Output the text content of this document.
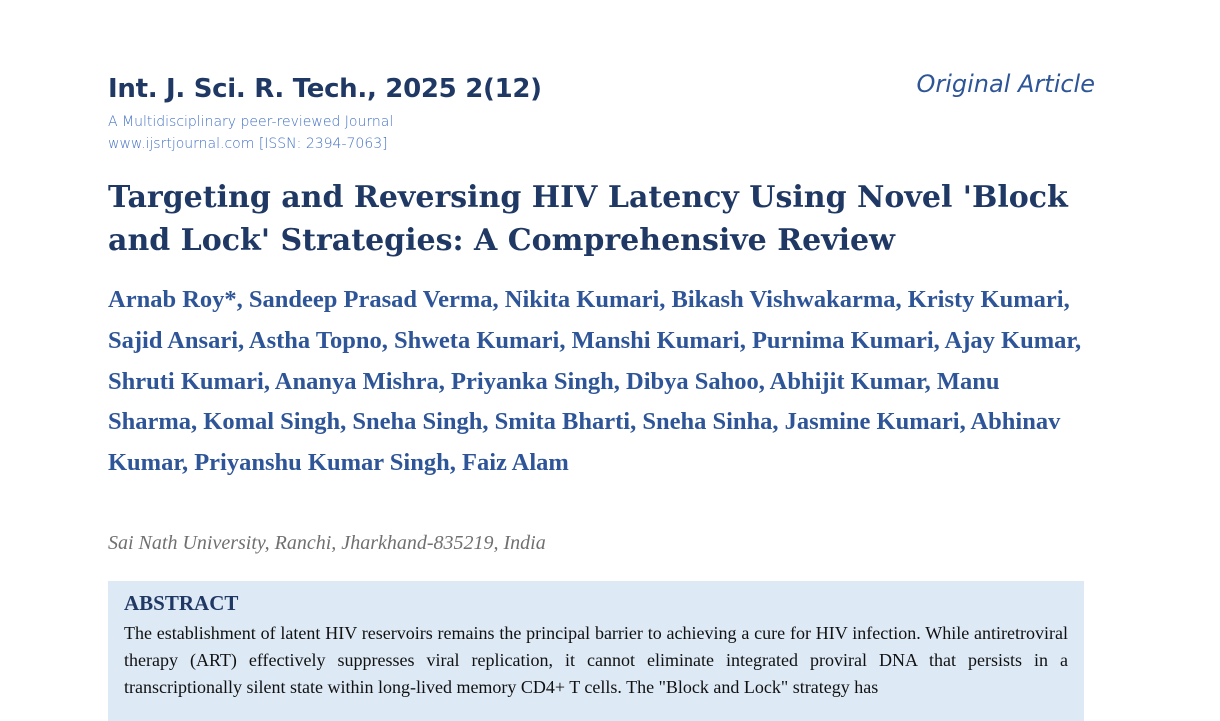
Int. J. Sci. R. Tech., 2025 2(12)	Original Article
A Multidisciplinary peer-reviewed Journal
www.ijsrtjournal.com [ISSN: 2394-7063]
Targeting and Reversing HIV Latency Using Novel 'Block and Lock' Strategies: A Comprehensive Review

Arnab Roy*, Sandeep Prasad Verma, Nikita Kumari, Bikash Vishwakarma, Kristy Kumari, Sajid Ansari, Astha Topno, Shweta Kumari, Manshi Kumari, Purnima Kumari, Ajay Kumar, Shruti Kumari, Ananya Mishra, Priyanka Singh, Dibya Sahoo, Abhijit Kumar, Manu Sharma, Komal Singh, Sneha Singh, Smita Bharti, Sneha Sinha, Jasmine Kumari, Abhinav Kumar, Priyanshu Kumar Singh, Faiz Alam

Sai Nath University, Ranchi, Jharkhand-835219, India
ABSTRACT

The establishment of latent HIV reservoirs remains the principal barrier to achieving a cure for HIV infection. While antiretroviral therapy (ART) effectively suppresses viral replication, it cannot eliminate integrated proviral DNA that persists in a transcriptionally silent state within long-lived memory CD4+ T cells. The "Block and Lock" strategy has
